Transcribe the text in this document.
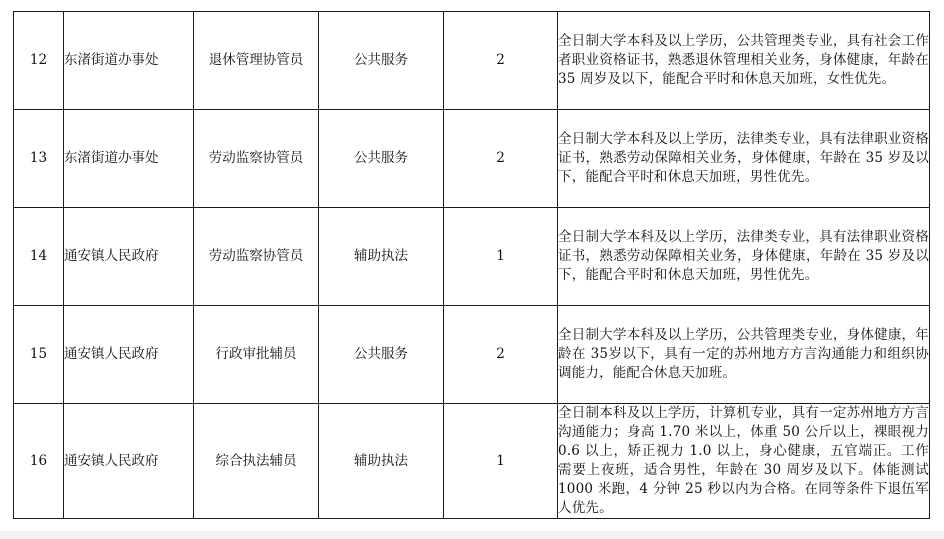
12	东渚街道办事处	退休管理协管员	公共服务	2	全日制大学本科及以上学历，公共管理类专业，具有社会工作者职业资格证书，熟悉退休管理相关业务，身体健康，年龄在 35 周岁及以下，能配合平时和休息天加班，女性优先。
13	东渚街道办事处	劳动监察协管员	公共服务	2	全日制大学本科及以上学历，法律类专业，具有法律职业资格证书，熟悉劳动保障相关业务，身体健康，年龄在 35 岁及以下，能配合平时和休息天加班，男性优先。
14	通安镇人民政府	劳动监察协管员	辅助执法	1	全日制大学本科及以上学历，法律类专业，具有法律职业资格证书，熟悉劳动保障相关业务，身体健康，年龄在 35 岁及以下，能配合平时和休息天加班，男性优先。
15	通安镇人民政府	行政审批辅员	公共服务	2	全日制大学本科及以上学历，公共管理类专业，身体健康，年龄在 35岁以下，具有一定的苏州地方方言沟通能力和组织协调能力，能配合休息天加班。
16	通安镇人民政府	综合执法辅员	辅助执法	1	全日制本科及以上学历，计算机专业，具有一定苏州地方方言沟通能力；身高 1.70 米以上，体重 50 公斤以上，裸眼视力 0.6 以上，矫正视力 1.0 以上，身心健康，五官端正。工作需要上夜班，适合男性，年龄在 30 周岁及以下。体能测试 1000 米跑，4 分钟 25 秒以内为合格。在同等条件下退伍军人优先。
